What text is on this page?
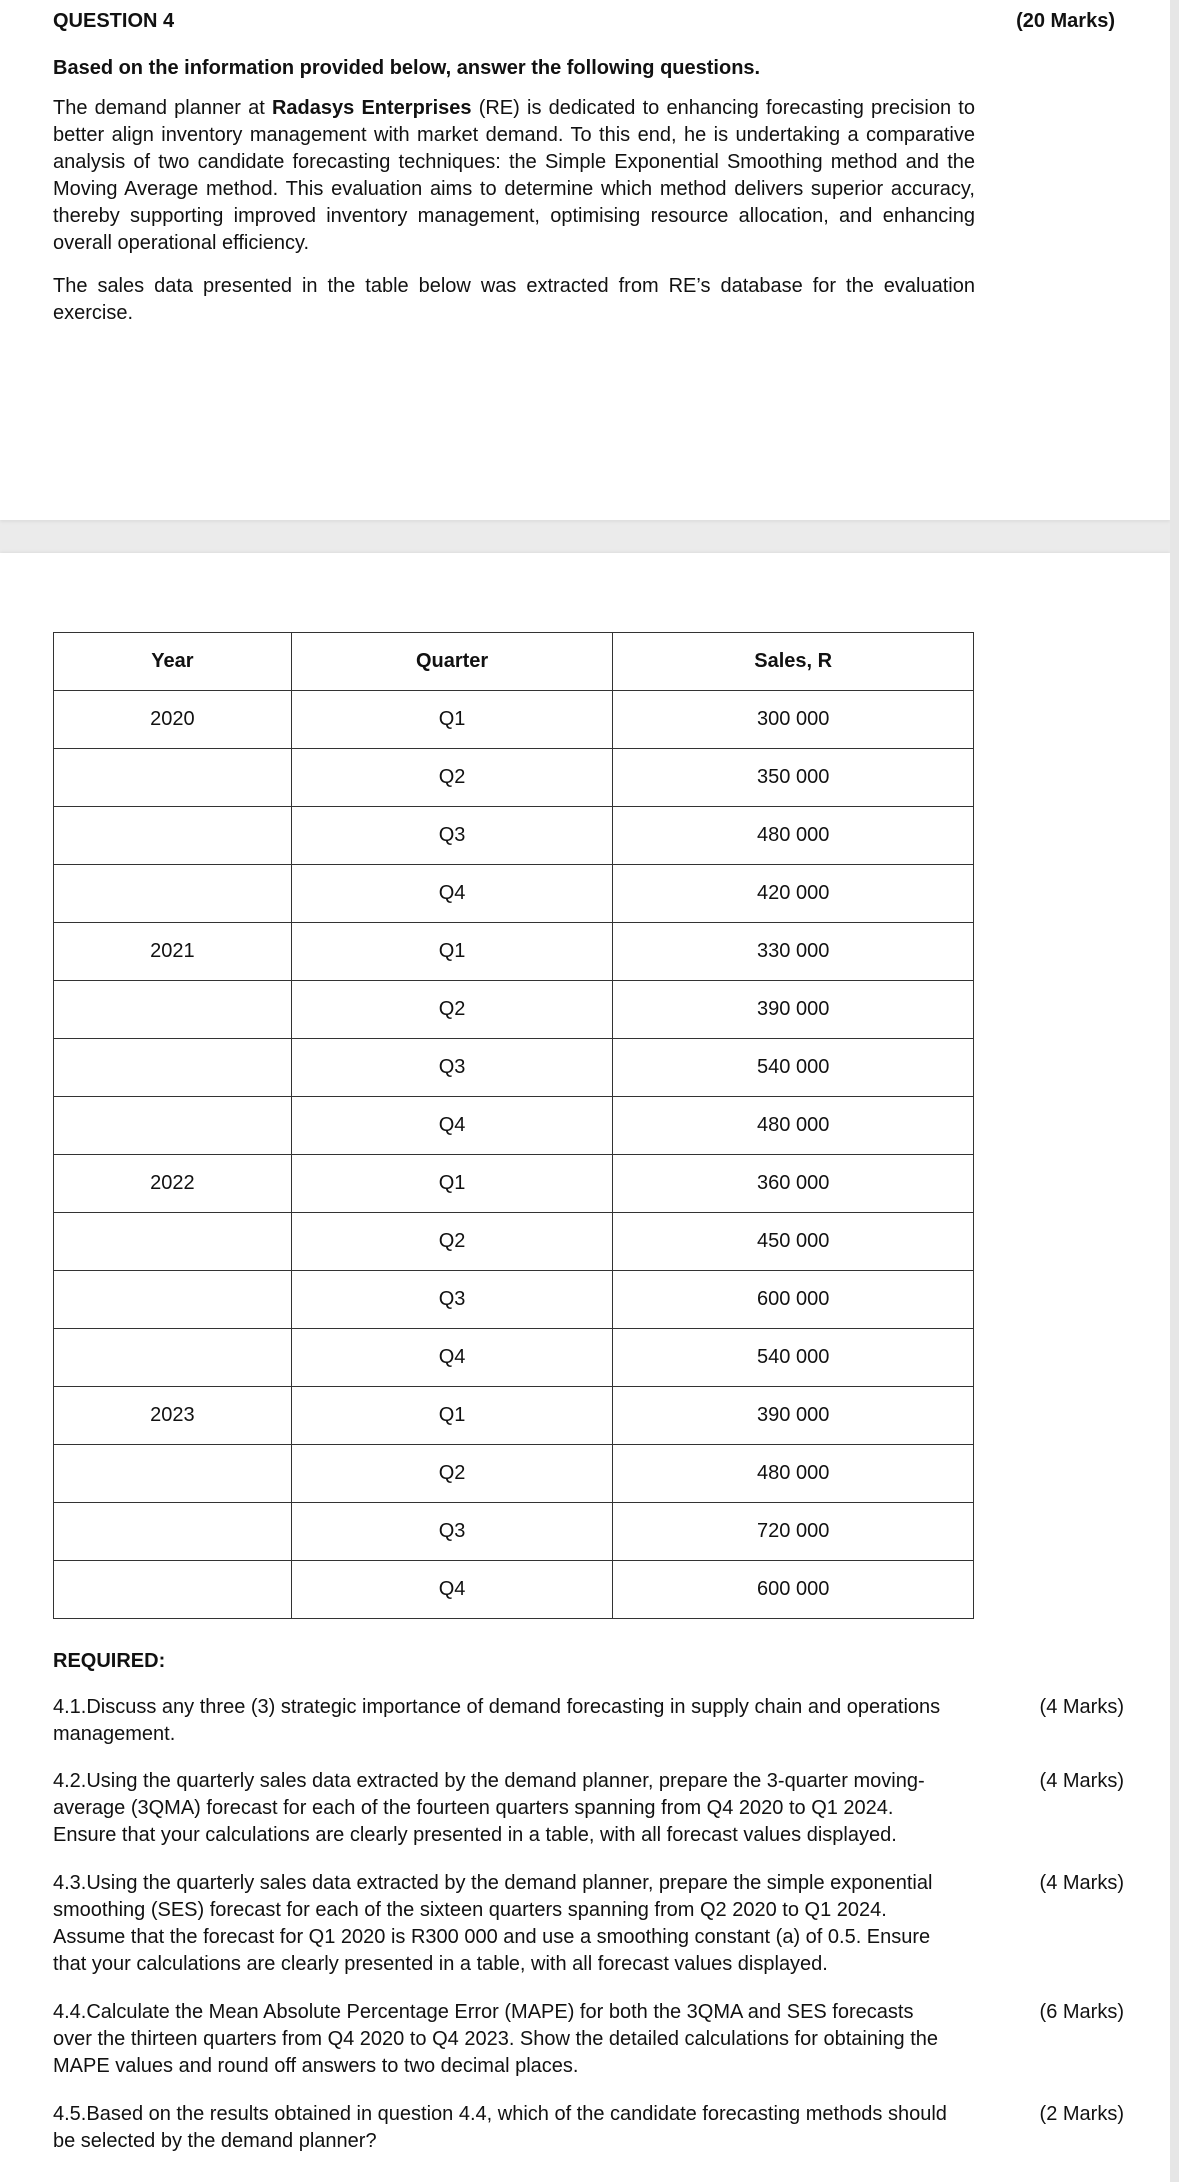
QUESTION 4	(20 Marks)
Based on the information provided below, answer the following questions.
The demand planner at Radasys Enterprises (RE) is dedicated to enhancing forecasting precision to better align inventory management with market demand. To this end, he is undertaking a comparative analysis of two candidate forecasting techniques: the Simple Exponential Smoothing method and the Moving Average method. This evaluation aims to determine which method delivers superior accuracy, thereby supporting improved inventory management, optimising resource allocation, and enhancing overall operational efficiency.
The sales data presented in the table below was extracted from RE’s database for the evaluation exercise.
Year	Quarter	Sales, R
2020	Q1	300 000
	Q2	350 000
	Q3	480 000
	Q4	420 000
2021	Q1	330 000
	Q2	390 000
	Q3	540 000
	Q4	480 000
2022	Q1	360 000
	Q2	450 000
	Q3	600 000
	Q4	540 000
2023	Q1	390 000
	Q2	480 000
	Q3	720 000
	Q4	600 000
REQUIRED:
4.1.Discuss any three (3) strategic importance of demand forecasting in supply chain and operations management.
(4 Marks)
4.2.Using the quarterly sales data extracted by the demand planner, prepare the 3-quarter moving-average (3QMA) forecast for each of the fourteen quarters spanning from Q4 2020 to Q1 2024. Ensure that your calculations are clearly presented in a table, with all forecast values displayed.
(4 Marks)
4.3.Using the quarterly sales data extracted by the demand planner, prepare the simple exponential smoothing (SES) forecast for each of the sixteen quarters spanning from Q2 2020 to Q1 2024. Assume that the forecast for Q1 2020 is R300 000 and use a smoothing constant (a) of 0.5. Ensure that your calculations are clearly presented in a table, with all forecast values displayed.
(4 Marks)
4.4.Calculate the Mean Absolute Percentage Error (MAPE) for both the 3QMA and SES forecasts over the thirteen quarters from Q4 2020 to Q4 2023. Show the detailed calculations for obtaining the MAPE values and round off answers to two decimal places.
(6 Marks)
4.5.Based on the results obtained in question 4.4, which of the candidate forecasting methods should be selected by the demand planner?
(2 Marks)
